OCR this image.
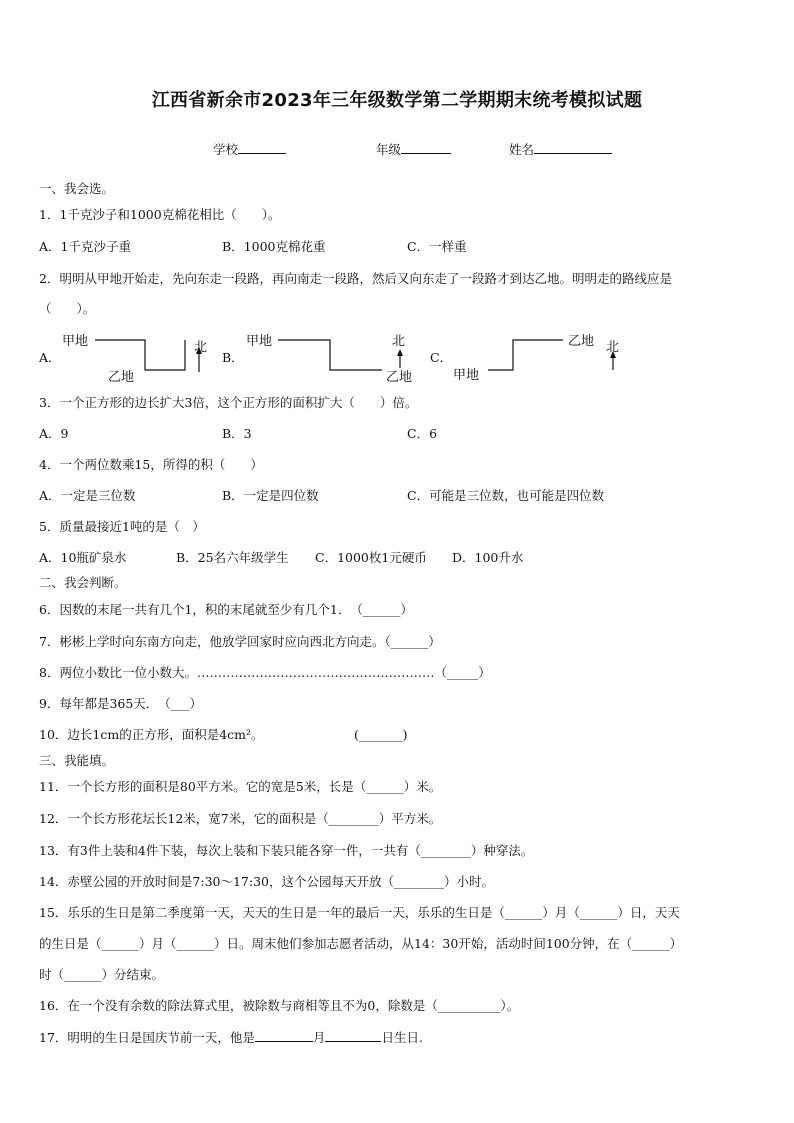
江西省新余市2023年三年级数学第二学期期末统考模拟试题
学校	年级	姓名
一、我会选。
1．1千克沙子和1000克棉花相比（　　）。
A．1千克沙子重	B．1000克棉花重	C．一样重
2．明明从甲地开始走，先向东走一段路，再向南走一段路，然后又向东走了一段路才到达乙地。明明走的路线应是
（　　）。
A．
甲地
乙地
北
B．
甲地
乙地
北
C．
甲地
乙地 北
3．一个正方形的边长扩大3倍，这个正方形的面积扩大（　　）倍。
A．9	B．3	C．6
4．一个两位数乘15，所得的积（　　）
A．一定是三位数	B．一定是四位数	C．可能是三位数，也可能是四位数
5．质量最接近1吨的是（　）
A．10瓶矿泉水	B．25名六年级学生 C．1000枚1元硬币 D．100升水
二、我会判断。
6．因数的末尾一共有几个1，积的末尾就至少有几个1．　（______）
7．彬彬上学时向东南方向走，他放学回家时应向西北方向走。（______）
8．两位小数比一位小数大。…………………………………………………（_____）
9．每年都是365天．　（___）
10．边长1cm的正方形，面积是4cm²。	(_______)
三、我能填。
11．一个长方形的面积是80平方米。它的宽是5米，长是（______）米。
12．一个长方形花坛长12米，宽7米，它的面积是（________）平方米。
13．有3件上装和4件下装，每次上装和下装只能各穿一件，一共有（________）种穿法。
14．赤壁公园的开放时间是7:30～17:30，这个公园每天开放（________）小时。
15．乐乐的生日是第二季度第一天，天天的生日是一年的最后一天，乐乐的生日是（______）月（______）日，天天
的生日是（______）月（______）日。周末他们参加志愿者活动，从14：30开始，活动时间100分钟，在（______）
时（______）分结束。
16．在一个没有余数的除法算式里，被除数与商相等且不为0，除数是（__________）。
17．明明的生日是国庆节前一天，他是	月	日生日.
